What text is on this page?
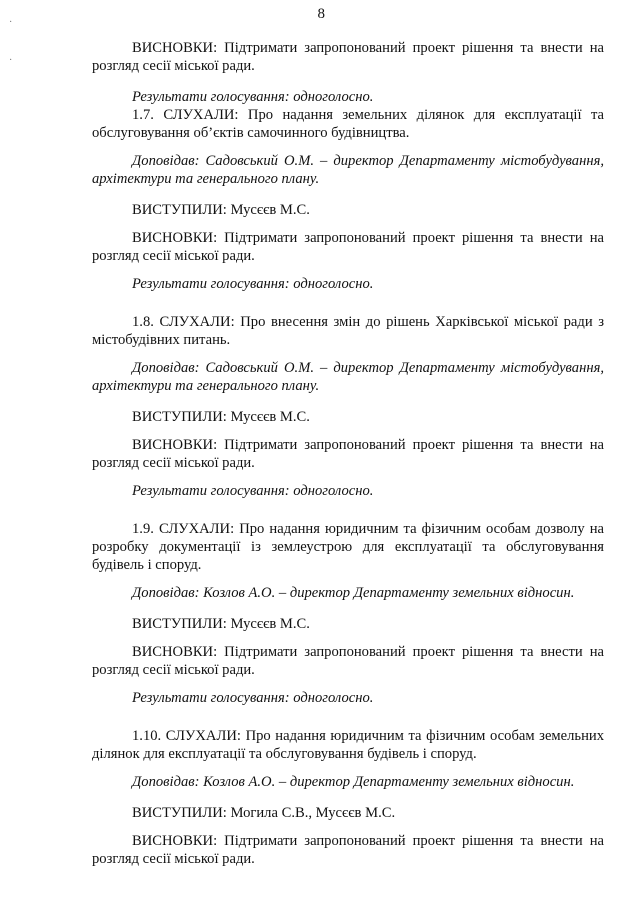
8
·
·

ВИСНОВКИ: Підтримати запропонований проект рішення та внести на розгляд сесії міської ради.

Результати голосування: одноголосно.

1.7. СЛУХАЛИ: Про надання земельних ділянок для експлуатації та обслуговування об’єктів самочинного будівництва.

Доповідав: Садовський О.М. – директор Департаменту містобудування, архітектури та генерального плану.

ВИСТУПИЛИ: Мусєєв М.С.

ВИСНОВКИ: Підтримати запропонований проект рішення та внести на розгляд сесії міської ради.

Результати голосування: одноголосно.

1.8. СЛУХАЛИ: Про внесення змін до рішень Харківської міської ради з містобудівних питань.

Доповідав: Садовський О.М. – директор Департаменту містобудування, архітектури та генерального плану.

ВИСТУПИЛИ: Мусєєв М.С.

ВИСНОВКИ: Підтримати запропонований проект рішення та внести на розгляд сесії міської ради.

Результати голосування: одноголосно.

1.9. СЛУХАЛИ: Про надання юридичним та фізичним особам дозволу на розробку документації із землеустрою для експлуатації та обслуговування будівель і споруд.

Доповідав: Козлов А.О. – директор Департаменту земельних відносин.

ВИСТУПИЛИ: Мусєєв М.С.

ВИСНОВКИ: Підтримати запропонований проект рішення та внести на розгляд сесії міської ради.

Результати голосування: одноголосно.

1.10. СЛУХАЛИ: Про надання юридичним та фізичним особам земельних ділянок для експлуатації та обслуговування будівель і споруд.

Доповідав: Козлов А.О. – директор Департаменту земельних відносин.

ВИСТУПИЛИ: Могила С.В., Мусєєв М.С.

ВИСНОВКИ: Підтримати запропонований проект рішення та внести на розгляд сесії міської ради.
